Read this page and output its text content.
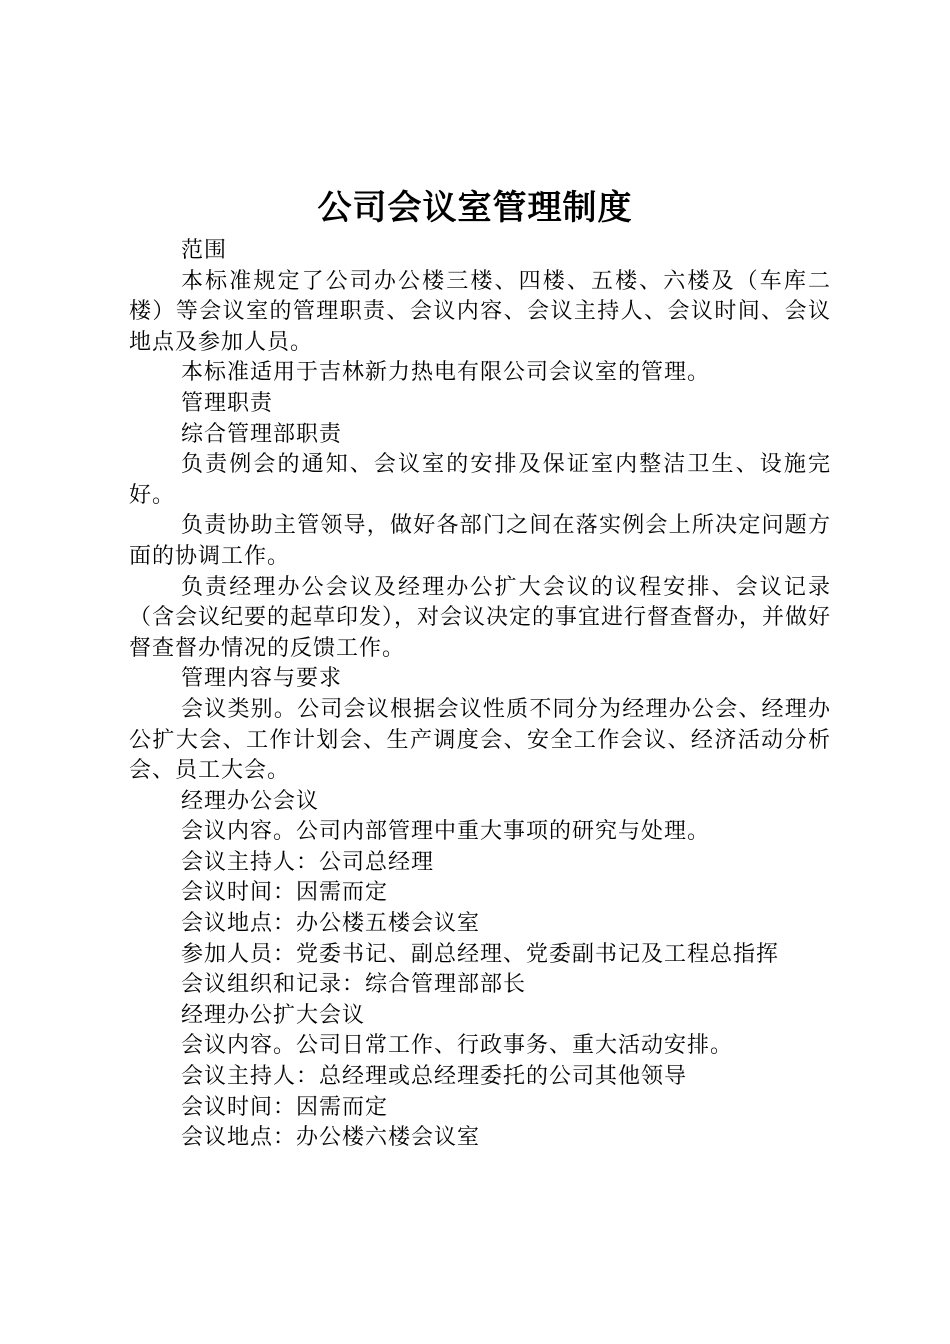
公司会议室管理制度

范围

本标准规定了公司办公楼三楼、四楼、五楼、六楼及（车库二楼）等会议室的管理职责、会议内容、会议主持人、会议时间、会议地点及参加人员。

本标准适用于吉林新力热电有限公司会议室的管理。

管理职责

综合管理部职责

负责例会的通知、会议室的安排及保证室内整洁卫生、设施完好。

负责协助主管领导，做好各部门之间在落实例会上所决定问题方面的协调工作。

负责经理办公会议及经理办公扩大会议的议程安排、会议记录（含会议纪要的起草印发），对会议决定的事宜进行督查督办，并做好督查督办情况的反馈工作。

管理内容与要求

会议类别。公司会议根据会议性质不同分为经理办公会、经理办公扩大会、工作计划会、生产调度会、安全工作会议、经济活动分析会、员工大会。

经理办公会议

会议内容。公司内部管理中重大事项的研究与处理。

会议主持人：公司总经理

会议时间：因需而定

会议地点：办公楼五楼会议室

参加人员：党委书记、副总经理、党委副书记及工程总指挥

会议组织和记录：综合管理部部长

经理办公扩大会议

会议内容。公司日常工作、行政事务、重大活动安排。

会议主持人：总经理或总经理委托的公司其他领导

会议时间：因需而定

会议地点：办公楼六楼会议室
